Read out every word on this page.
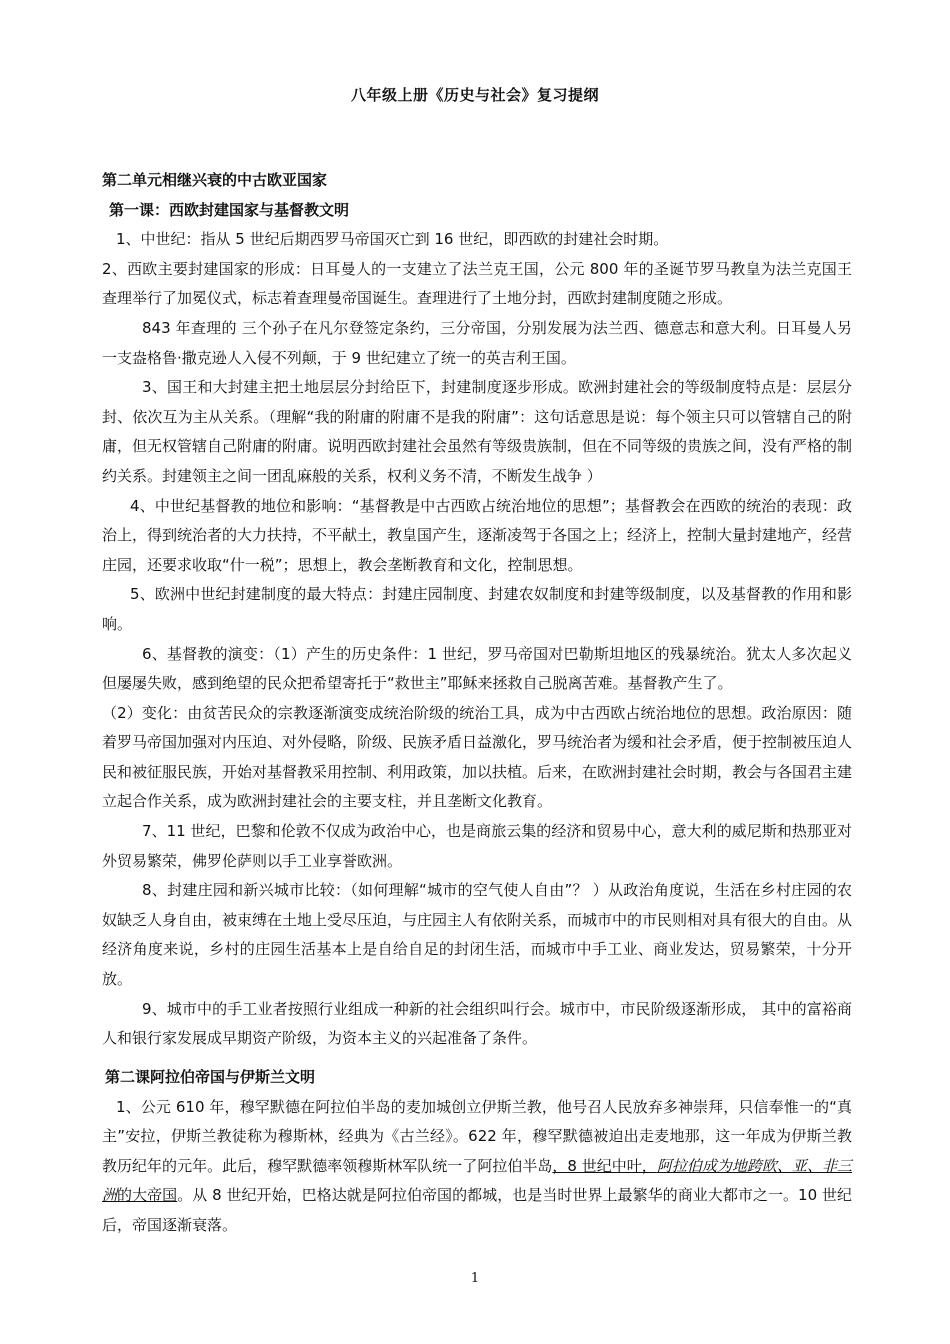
八年级上册《历史与社会》复习提纲
第二单元相继兴衰的中古欧亚国家
第一课：西欧封建国家与基督教文明
1、中世纪：指从 5 世纪后期西罗马帝国灭亡到 16 世纪，即西欧的封建社会时期。
2、西欧主要封建国家的形成：日耳曼人的一支建立了法兰克王国，公元 800 年的圣诞节罗马教皇为法兰克国王查理举行了加冕仪式，标志着查理曼帝国诞生。查理进行了土地分封，西欧封建制度随之形成。
843 年查理的 三个孙子在凡尔登签定条约，三分帝国，分别发展为法兰西、德意志和意大利。日耳曼人另一支盎格鲁·撒克逊人入侵不列颠，于 9 世纪建立了统一的英吉利王国。
3、国王和大封建主把土地层层分封给臣下，封建制度逐步形成。欧洲封建社会的等级制度特点是：层层分封、依次互为主从关系。（理解“我的附庸的附庸不是我的附庸”：这句话意思是说：每个领主只可以管辖自己的附庸，但无权管辖自己附庸的附庸。说明西欧封建社会虽然有等级贵族制，但在不同等级的贵族之间，没有严格的制约关系。封建领主之间一团乱麻般的关系，权利义务不清，不断发生战争 ）
4、中世纪基督教的地位和影响：“基督教是中古西欧占统治地位的思想”；基督教会在西欧的统治的表现：政治上，得到统治者的大力扶持，不平献土，教皇国产生，逐渐凌驾于各国之上；经济上，控制大量封建地产，经营庄园，还要求收取“什一税”；思想上，教会垄断教育和文化，控制思想。
5、欧洲中世纪封建制度的最大特点：封建庄园制度、封建农奴制度和封建等级制度，以及基督教的作用和影响。
6、基督教的演变：（1）产生的历史条件：1 世纪，罗马帝国对巴勒斯坦地区的残暴统治。犹太人多次起义但屡屡失败，感到绝望的民众把希望寄托于“救世主”耶稣来拯救自己脱离苦难。基督教产生了。
（2）变化：由贫苦民众的宗教逐渐演变成统治阶级的统治工具，成为中古西欧占统治地位的思想。政治原因：随着罗马帝国加强对内压迫、对外侵略，阶级、民族矛盾日益激化，罗马统治者为缓和社会矛盾，便于控制被压迫人民和被征服民族，开始对基督教采用控制、利用政策，加以扶植。后来，在欧洲封建社会时期，教会与各国君主建立起合作关系，成为欧洲封建社会的主要支柱，并且垄断文化教育。
7、11 世纪，巴黎和伦敦不仅成为政治中心，也是商旅云集的经济和贸易中心，意大利的威尼斯和热那亚对外贸易繁荣，佛罗伦萨则以手工业享誉欧洲。
8、封建庄园和新兴城市比较：（如何理解“城市的空气使人自由”？ ）从政治角度说，生活在乡村庄园的农奴缺乏人身自由，被束缚在土地上受尽压迫，与庄园主人有依附关系，而城市中的市民则相对具有很大的自由。从经济角度来说，乡村的庄园生活基本上是自给自足的封闭生活，而城市中手工业、商业发达，贸易繁荣，十分开放。
9、城市中的手工业者按照行业组成一种新的社会组织叫行会。城市中，市民阶级逐渐形成， 其中的富裕商人和银行家发展成早期资产阶级，为资本主义的兴起准备了条件。
第二课阿拉伯帝国与伊斯兰文明
1、公元 610 年，穆罕默德在阿拉伯半岛的麦加城创立伊斯兰教，他号召人民放弃多神崇拜，只信奉惟一的“真主”安拉，伊斯兰教徒称为穆斯林，经典为《古兰经》。622 年，穆罕默德被迫出走麦地那，这一年成为伊斯兰教 教历纪年的元年。此后，穆罕默德率领穆斯林军队统一了阿拉伯半岛，8 世纪中叶，阿拉伯成为地跨欧、亚、非三洲的大帝国。从 8 世纪开始，巴格达就是阿拉伯帝国的都城，也是当时世界上最繁华的商业大都市之一。10 世纪后，帝国逐渐衰落。
1
